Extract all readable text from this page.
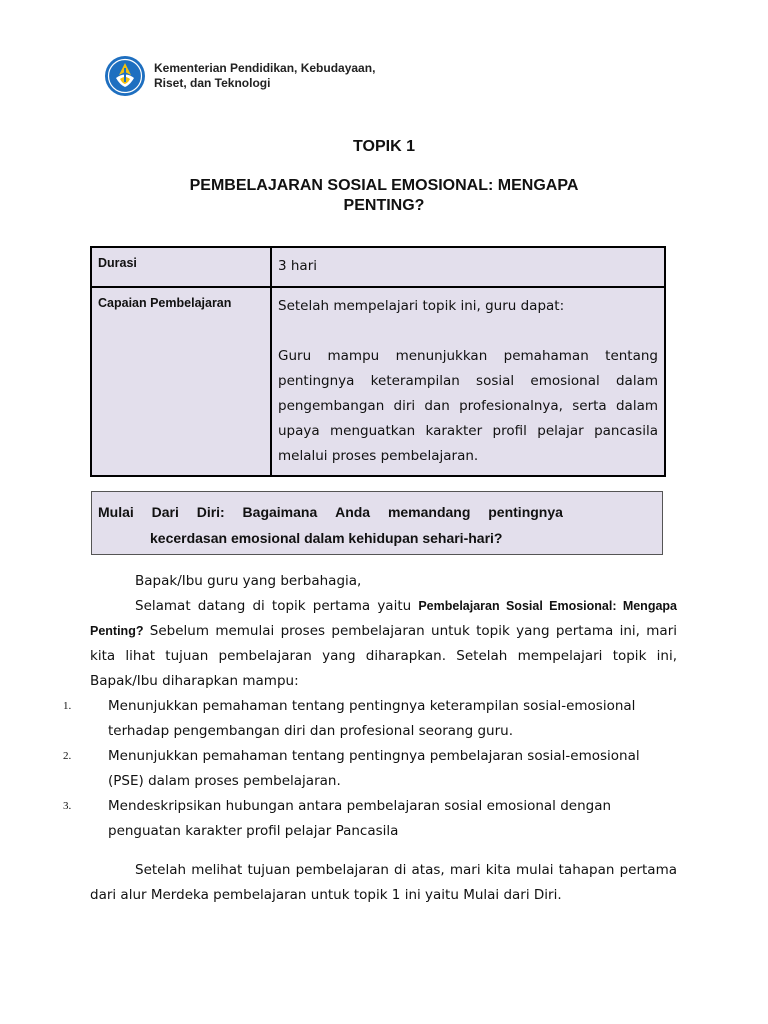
Kementerian Pendidikan, Kebudayaan,
Riset, dan Teknologi
TOPIK 1
PEMBELAJARAN SOSIAL EMOSIONAL: MENGAPA
PENTING?
Durasi	3 hari
Capaian Pembelajaran	Setelah mempelajari topik ini, guru dapat:

Guru mampu menunjukkan pemahaman tentang pentingnya keterampilan sosial emosional dalam pengembangan diri dan profesionalnya, serta dalam upaya menguatkan karakter profil pelajar pancasila melalui proses pembelajaran.

Mulai Dari Diri: Bagaimana Anda memandang pentingnya
kecerdasan emosional dalam kehidupan sehari-hari?

Bapak/Ibu guru yang berbahagia,

Selamat datang di topik pertama yaitu Pembelajaran Sosial Emosional: Mengapa Penting? Sebelum memulai proses pembelajaran untuk topik yang pertama ini, mari kita lihat tujuan pembelajaran yang diharapkan. Setelah mempelajari topik ini, Bapak/Ibu diharapkan mampu:

1.	Menunjukkan pemahaman tentang pentingnya keterampilan sosial-emosional terhadap pengembangan diri dan profesional seorang guru.
2.	Menunjukkan pemahaman tentang pentingnya pembelajaran sosial-emosional (PSE) dalam proses pembelajaran.
3.	Mendeskripsikan hubungan antara pembelajaran sosial emosional dengan penguatan karakter profil pelajar Pancasila

Setelah melihat tujuan pembelajaran di atas, mari kita mulai tahapan pertama dari alur Merdeka pembelajaran untuk topik 1 ini yaitu Mulai dari Diri.
